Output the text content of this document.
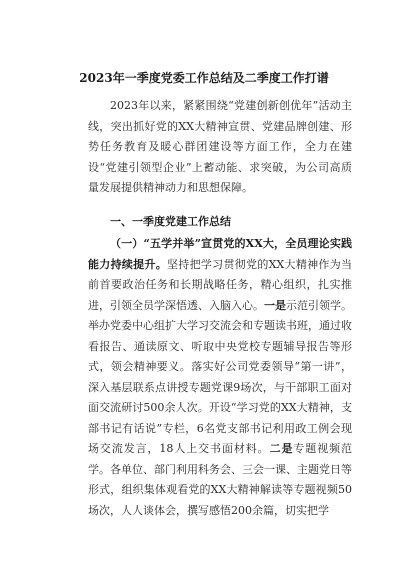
2023年一季度党委工作总结及二季度工作打谱

2023年以来，紧紧围绕“党建创新创优年”活动主线，突出抓好党的XX大精神宣贯、党建品牌创建、形势任务教育及暖心群团建设等方面工作，全力在建设“党建引领型企业”上蓄动能、求突破，为公司高质量发展提供精神动力和思想保障。

一、一季度党建工作总结

（一）“五学并举”宣贯党的XX大，全员理论实践能力持续提升。坚持把学习贯彻党的XX大精神作为当前首要政治任务和长期战略任务，精心组织，扎实推进，引领全员学深悟透、入脑入心。一是示范引领学。举办党委中心组扩大学习交流会和专题读书班，通过收看报告、通读原文、听取中央党校专题辅导报告等形式，领会精神要义。落实好公司党委领导“第一讲”，深入基层联系点讲授专题党课9场次，与干部职工面对面交流研讨500余人次。开设“学习党的XX大精神，支部书记有话说”专栏，6名党支部书记利用政工例会现场交流发言，18人上交书面材料。二是专题视频范学。各单位、部门利用科务会、三会一课、主题党日等形式，组织集体观看党的XX大精神解读等专题视频50场次，人人谈体会，撰写感悟200余篇，切实把学
